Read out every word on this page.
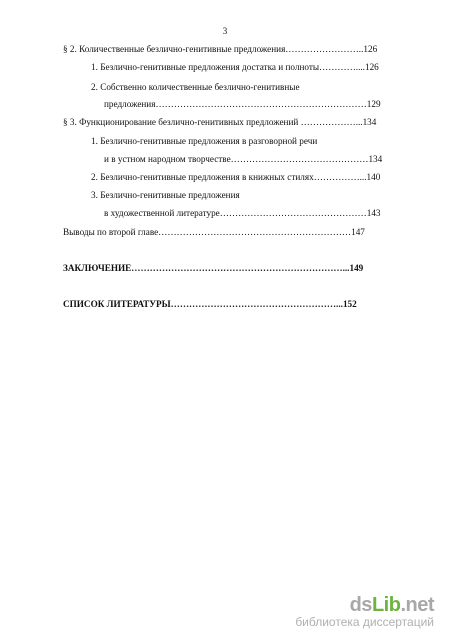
3
§ 2. Количественные безлично-генитивные предложения……………………..126
1. Безлично-генитивные предложения достатка и полноты…………....126
2. Собственно количественные безлично-генитивные
предложения……………………………………………………………129
§ 3. Функционирование безлично-генитивных предложений ………………...134
1. Безлично-генитивные предложения в разговорной речи
и в устном народном творчестве………………………………………134
2. Безлично-генитивные предложения в книжных стилях……………...140
3. Безлично-генитивные предложения
в художественной литературе…………………………………………143
Выводы по второй главе………………………………………………………147
ЗАКЛЮЧЕНИЕ……………………………………………………………...149
СПИСОК ЛИТЕРАТУРЫ………………………………………………...152
dsLib.net
библиотека диссертаций
